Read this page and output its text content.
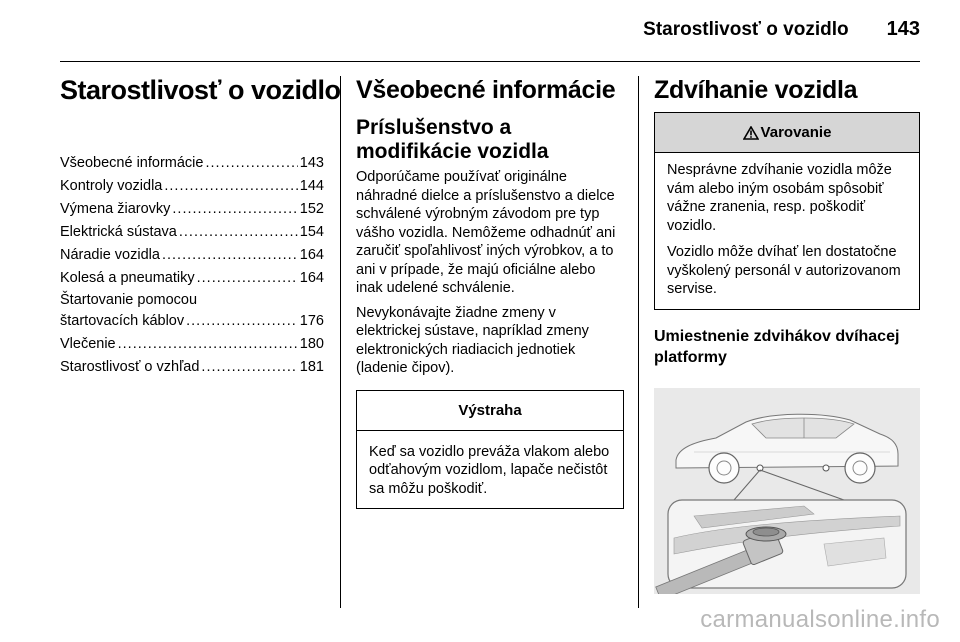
Starostlivosť o vozidlo 143
Starostlivosť o vozidlo
Všeobecné informácie .....	143
Kontroly vozidla .....	144
Výmena žiarovky .....	152
Elektrická sústava .....	154
Náradie vozidla .....	164
Kolesá a pneumatiky .....	164
Štartovanie pomocou
štartovacích káblov .....	176
Vlečenie .....	180
Starostlivosť o vzhľad .....	181
Všeobecné informácie
Príslušenstvo a modifikácie vozidla

Odporúčame používať originálne náhradné dielce a príslušenstvo a dielce schválené výrobným závodom pre typ vášho vozidla. Nemôžeme odhadnúť ani zaručiť spoľahlivosť iných výrobkov, a to ani v prípade, že majú oficiálne alebo inak udelené schválenie.

Nevykonávajte žiadne zmeny v elektrickej sústave, napríklad zmeny elektronických riadiacich jednotiek (ladenie čipov).

Výstraha
Keď sa vozidlo preváža vlakom alebo odťahovým vozidlom, lapače nečistôt sa môžu poškodiť.
Zdvíhanie vozidla
Varovanie

Nesprávne zdvíhanie vozidla môže vám alebo iným osobám spôsobiť vážne zranenia, resp. poškodiť vozidlo.

Vozidlo môže dvíhať len dostatočne vyškolený personál v autorizovanom servise.

Umiestnenie zdvihákov dvíhacej platformy
carmanualsonline.info
